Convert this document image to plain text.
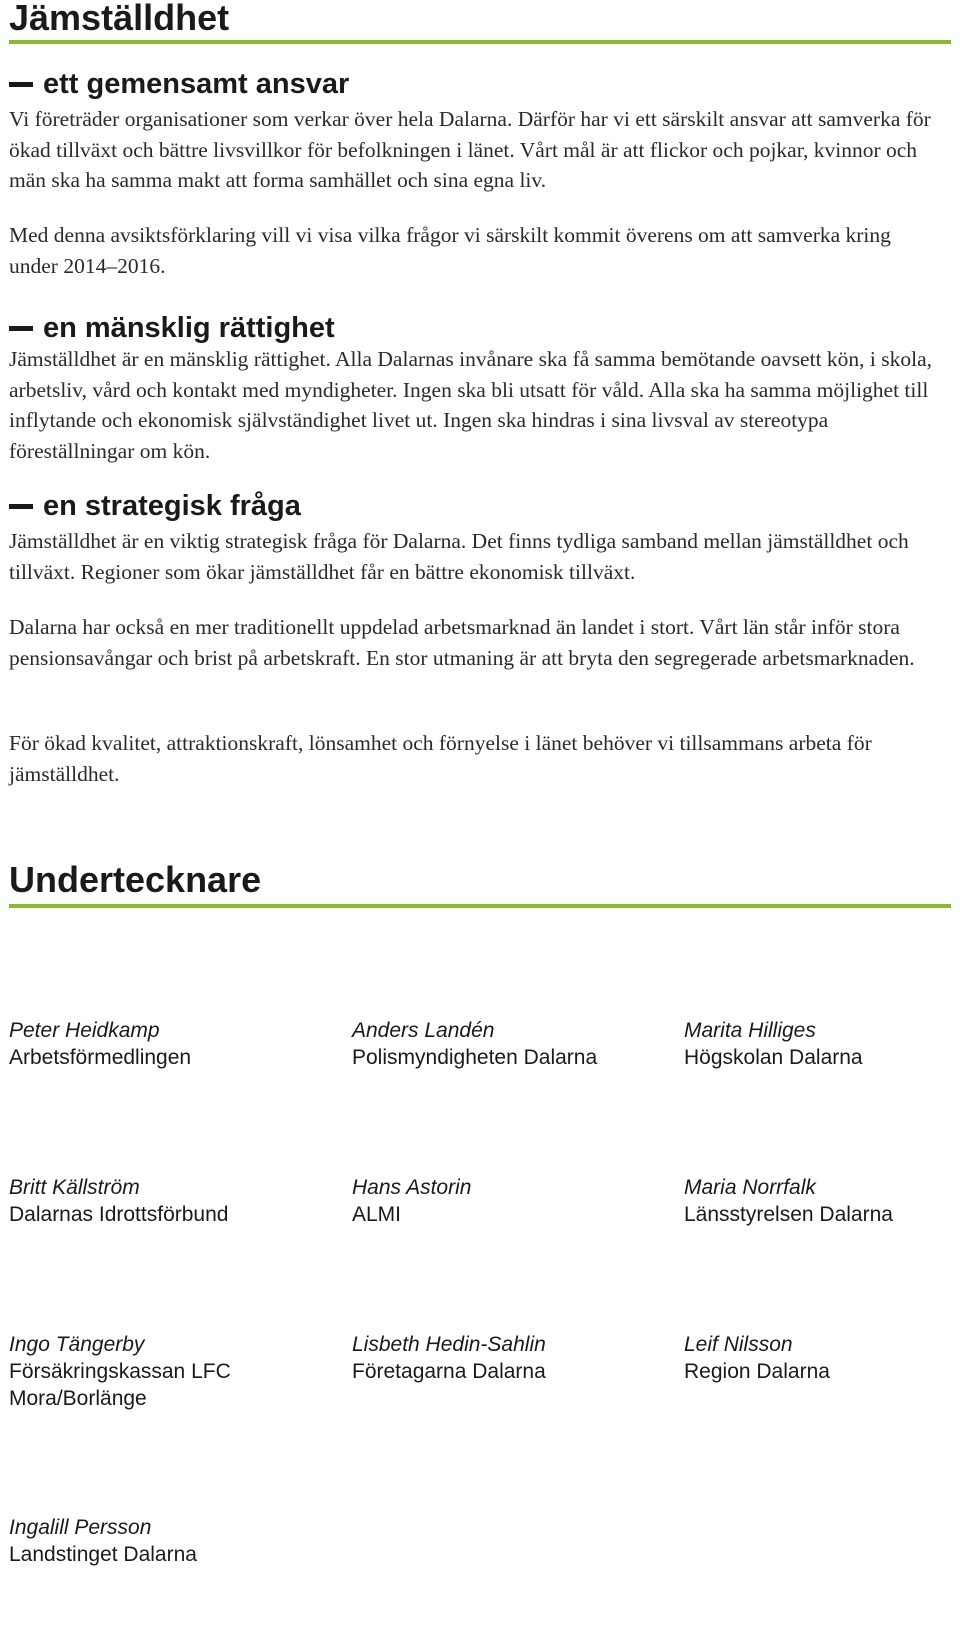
Jämställdhet
ett gemensamt ansvar

Vi företräder organisationer som verkar över hela Dalarna. Därför har vi ett särskilt ansvar att samverka för ökad tillväxt och bättre livsvillkor för befolkningen i länet. Vårt mål är att flickor och pojkar, kvinnor och män ska ha samma makt att forma samhället och sina egna liv.

Med denna avsiktsförklaring vill vi visa vilka frågor vi särskilt kommit överens om att samverka kring under 2014–2016.

en mänsklig rättighet

Jämställdhet är en mänsklig rättighet. Alla Dalarnas invånare ska få samma bemötande oavsett kön, i skola, arbetsliv, vård och kontakt med myndigheter. Ingen ska bli utsatt för våld. Alla ska ha samma möjlighet till inflytande och ekonomisk självständighet livet ut. Ingen ska hindras i sina livsval av stereotypa föreställningar om kön.

en strategisk fråga

Jämställdhet är en viktig strategisk fråga för Dalarna. Det finns tydliga samband mellan jämställdhet och tillväxt. Regioner som ökar jämställdhet får en bättre ekonomisk tillväxt.

Dalarna har också en mer traditionellt uppdelad arbetsmarknad än landet i stort. Vårt län står inför stora pensionsavångar och brist på arbetskraft. En stor utmaning är att bryta den segregerade arbetsmarknaden.

För ökad kvalitet, attraktionskraft, lönsamhet och förnyelse i länet behöver vi tillsammans arbeta för jämställdhet.

Undertecknare
Peter Heidkamp
Arbetsförmedlingen
Anders Landén
Polismyndigheten Dalarna
Marita Hilliges
Högskolan Dalarna
Britt Källström
Dalarnas Idrottsförbund
Hans Astorin
ALMI
Maria Norrfalk
Länsstyrelsen Dalarna
Ingo Tängerby
Försäkringskassan LFC Mora/Borlänge
Lisbeth Hedin-Sahlin
Företagarna Dalarna
Leif Nilsson
Region Dalarna
Ingalill Persson
Landstinget Dalarna
